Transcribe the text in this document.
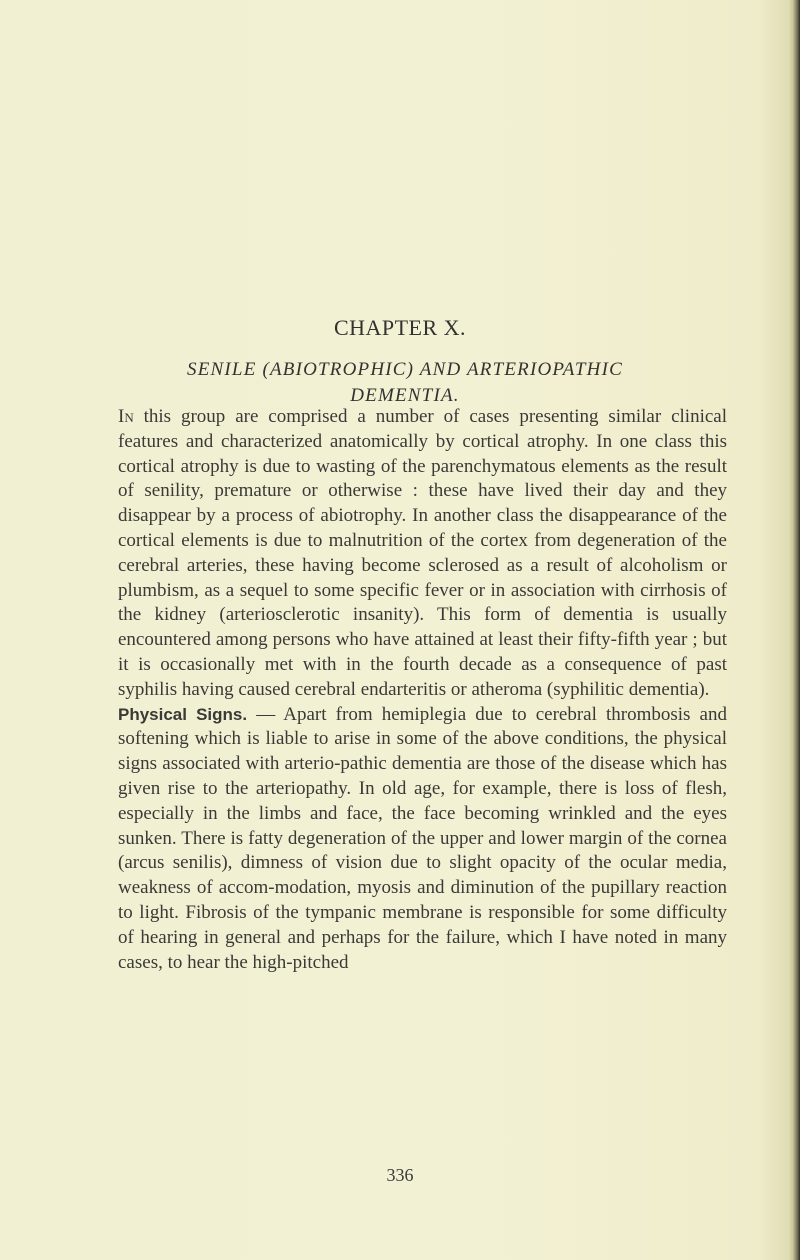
CHAPTER X.
SENILE (ABIOTROPHIC) AND ARTERIOPATHIC
DEMENTIA.

In this group are comprised a number of cases presenting similar clinical features and characterized anatomically by cortical atrophy. In one class this cortical atrophy is due to wasting of the parenchymatous elements as the result of senility, premature or otherwise : these have lived their day and they disappear by a process of abiotrophy. In another class the disappearance of the cortical elements is due to malnutrition of the cortex from degeneration of the cerebral arteries, these having become sclerosed as a result of alcoholism or plumbism, as a sequel to some specific fever or in association with cirrhosis of the kidney (arteriosclerotic insanity). This form of dementia is usually encountered among persons who have attained at least their fifty-fifth year ; but it is occasionally met with in the fourth decade as a consequence of past syphilis having caused cerebral endarteritis or atheroma (syphilitic dementia).

Physical Signs. — Apart from hemiplegia due to cerebral thrombosis and softening which is liable to arise in some of the above conditions, the physical signs associated with arterio-pathic dementia are those of the disease which has given rise to the arteriopathy. In old age, for example, there is loss of flesh, especially in the limbs and face, the face becoming wrinkled and the eyes sunken. There is fatty degeneration of the upper and lower margin of the cornea (arcus senilis), dimness of vision due to slight opacity of the ocular media, weakness of accom-modation, myosis and diminution of the pupillary reaction to light. Fibrosis of the tympanic membrane is responsible for some difficulty of hearing in general and perhaps for the failure, which I have noted in many cases, to hear the high-pitched

336
